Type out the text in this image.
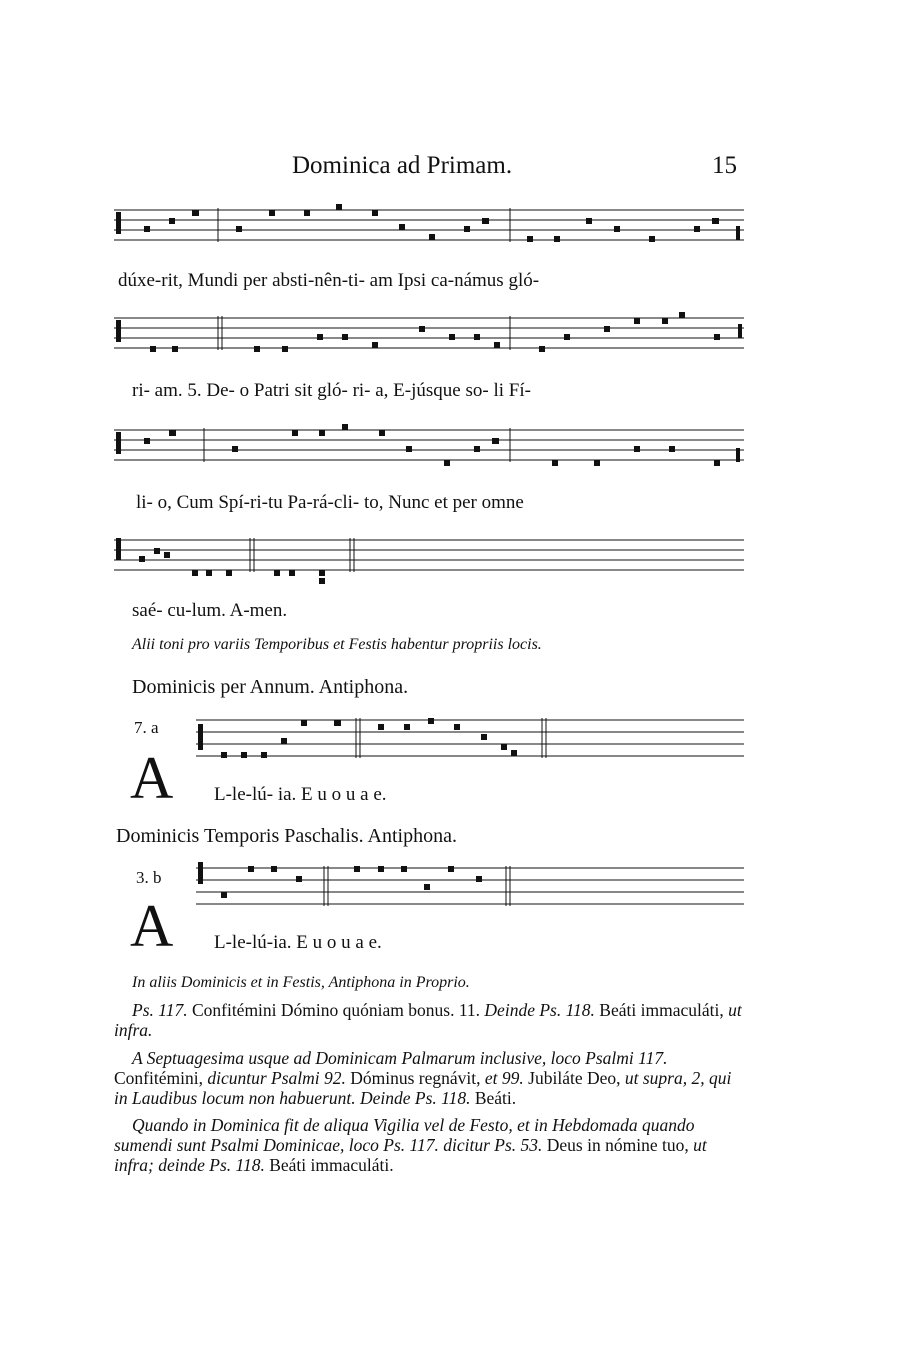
Dominica ad Primam.	15
dúxe-rit, Mundi per absti-nên-ti- am Ipsi ca-námus gló-
ri- am. 5. De- o Patri sit gló- ri- a, E-júsque so- li Fí-
li- o, Cum Spí-ri-tu Pa-rá-cli- to, Nunc et per omne
saé- cu-lum. A-men.
Alii toni pro variis Temporibus et Festis habentur propriis locis.
Dominicis per Annum. Antiphona.
7. a
A L-le-lú- ia. E u o u a e.
Dominicis Temporis Paschalis. Antiphona.
3. b
A L-le-lú-ia. E u o u a e.
In aliis Dominicis et in Festis, Antiphona in Proprio.
Ps. 117. Confitémini Dómino quóniam bonus. 11. Deinde Ps. 118. Beáti immaculáti, ut infra.
A Septuagesima usque ad Dominicam Palmarum inclusive, loco Psalmi 117. Confitémini, dicuntur Psalmi 92. Dóminus regnávit, et 99. Jubiláte Deo, ut supra, 2, qui in Laudibus locum non habuerunt. Deinde Ps. 118. Beáti.
Quando in Dominica fit de aliqua Vigilia vel de Festo, et in Hebdomada quando sumendi sunt Psalmi Dominicae, loco Ps. 117. dicitur Ps. 53. Deus in nómine tuo, ut infra; deinde Ps. 118. Beáti immaculáti.
